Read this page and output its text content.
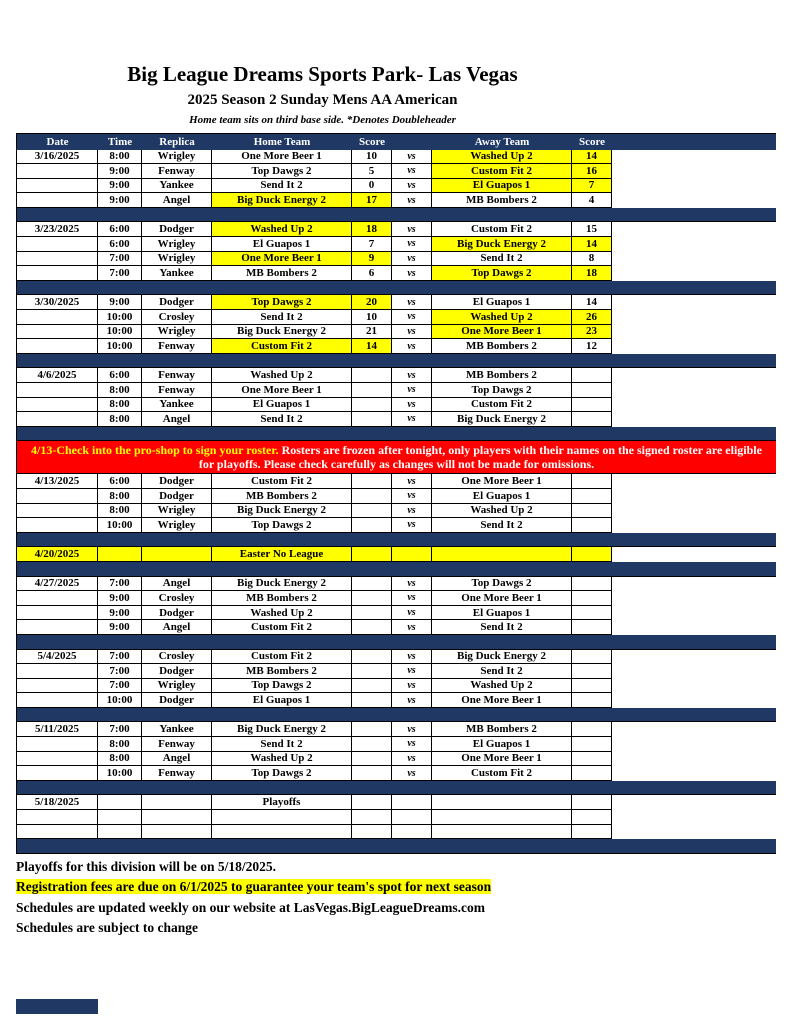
Big League Dreams Sports Park- Las Vegas
2025 Season 2 Sunday Mens AA American
Home team sits on third base side. *Denotes Doubleheader
Date	Time	Replica	Home Team	Score	Away Team	Score
3/16/2025	8:00	Wrigley	One More Beer 1	10	vs	Washed Up 2	14
9:00	Fenway	Top Dawgs 2	5	vs	Custom Fit 2	16
9:00	Yankee	Send It 2	0	vs	El Guapos 1	7
9:00	Angel	Big Duck Energy 2	17	vs	MB Bombers 2	4
3/23/2025	6:00	Dodger	Washed Up 2	18	vs	Custom Fit 2	15
6:00	Wrigley	El Guapos 1	7	vs	Big Duck Energy 2	14
7:00	Wrigley	One More Beer 1	9	vs	Send It 2	8
7:00	Yankee	MB Bombers 2	6	vs	Top Dawgs 2	18
3/30/2025	9:00	Dodger	Top Dawgs 2	20	vs	El Guapos 1	14
10:00	Crosley	Send It 2	10	vs	Washed Up 2	26
10:00	Wrigley	Big Duck Energy 2	21	vs	One More Beer 1	23
10:00	Fenway	Custom Fit 2	14	vs	MB Bombers 2	12
4/6/2025	6:00	Fenway	Washed Up 2	vs	MB Bombers 2
8:00	Fenway	One More Beer 1	vs	Top Dawgs 2
8:00	Yankee	El Guapos 1	vs	Custom Fit 2
8:00	Angel	Send It 2	vs	Big Duck Energy 2
4/13-Check into the pro-shop to sign your roster. Rosters are frozen after tonight, only players with their names on the signed roster are eligible for playoffs. Please check carefully as changes will not be made for omissions.
4/13/2025	6:00	Dodger	Custom Fit 2	vs	One More Beer 1
8:00	Dodger	MB Bombers 2	vs	El Guapos 1
8:00	Wrigley	Big Duck Energy 2	vs	Washed Up 2
10:00	Wrigley	Top Dawgs 2	vs	Send It 2
4/20/2025	Easter No League
4/27/2025	7:00	Angel	Big Duck Energy 2	vs	Top Dawgs 2
9:00	Crosley	MB Bombers 2	vs	One More Beer 1
9:00	Dodger	Washed Up 2	vs	El Guapos 1
9:00	Angel	Custom Fit 2	vs	Send It 2
5/4/2025	7:00	Crosley	Custom Fit 2	vs	Big Duck Energy 2
7:00	Dodger	MB Bombers 2	vs	Send It 2
7:00	Wrigley	Top Dawgs 2	vs	Washed Up 2
10:00	Dodger	El Guapos 1	vs	One More Beer 1
5/11/2025	7:00	Yankee	Big Duck Energy 2	vs	MB Bombers 2
8:00	Fenway	Send It 2	vs	El Guapos 1
8:00	Angel	Washed Up 2	vs	One More Beer 1
10:00	Fenway	Top Dawgs 2	vs	Custom Fit 2
5/18/2025	Playoffs
Playoffs for this division will be on 5/18/2025.
Registration fees are due on 6/1/2025 to guarantee your team's spot for next season
Schedules are updated weekly on our website at LasVegas.BigLeagueDreams.com
Schedules are subject to change
